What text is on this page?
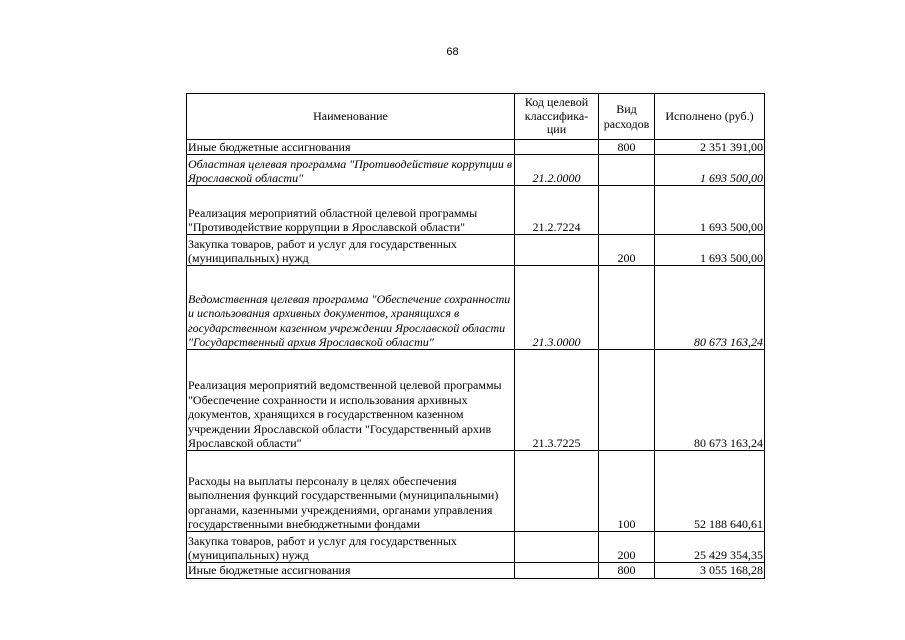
68
Наименование	Код целевой классифика-ции	Вид расходов	Исполнено (руб.)
Иные бюджетные ассигнования		800	2 351 391,00
Областная целевая программа "Противодействие коррупции в Ярославской области"	21.2.0000		1 693 500,00
Реализация мероприятий областной целевой программы "Противодействие коррупции в Ярославской области"	21.2.7224		1 693 500,00
Закупка товаров, работ и услуг для государственных (муниципальных) нужд		200	1 693 500,00
Ведомственная целевая программа "Обеспечение сохранности и использования архивных документов, хранящихся в государственном казенном учреждении Ярославской области "Государственный архив Ярославской области"	21.3.0000		80 673 163,24
Реализация мероприятий ведомственной целевой программы "Обеспечение сохранности и использования архивных документов, хранящихся в государственном казенном учреждении Ярославской области "Государственный архив Ярославской области"	21.3.7225		80 673 163,24
Расходы на выплаты персоналу в целях обеспечения выполнения функций государственными (муниципальными) органами, казенными учреждениями, органами управления государственными внебюджетными фондами		100	52 188 640,61
Закупка товаров, работ и услуг для государственных (муниципальных) нужд		200	25 429 354,35
Иные бюджетные ассигнования		800	3 055 168,28
